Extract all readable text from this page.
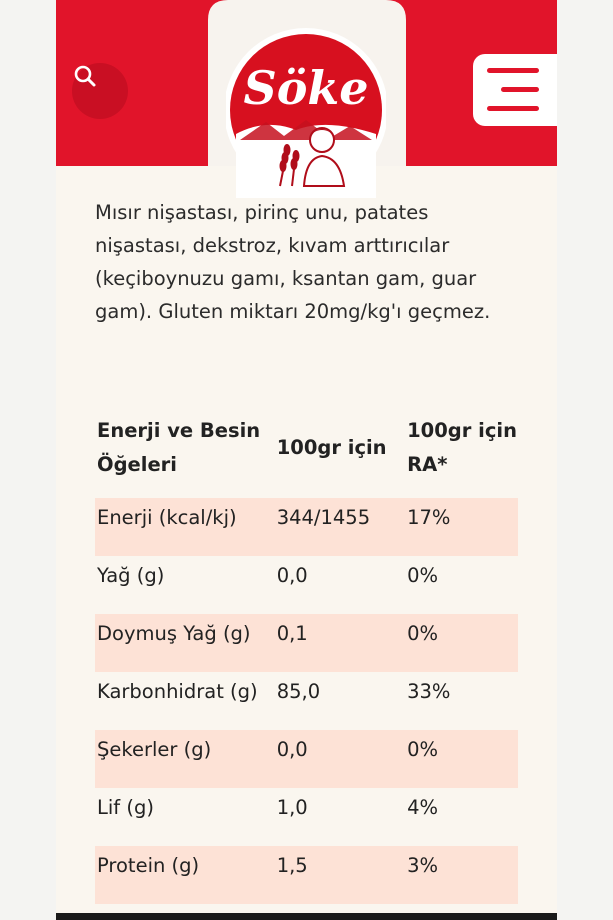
Mısır nişastası, pirinç unu, patates nişastası, dekstroz, kıvam arttırıcılar (keçiboynuzu gamı, ksantan gam, guar gam). Gluten miktarı 20mg/kg'ı geçmez.

Enerji ve Besin Öğeleri	100gr için	100gr için RA*
Enerji (kcal/kj)	344/1455	17%
Yağ (g)	0,0	0%
Doymuş Yağ (g)	0,1	0%
Karbonhidrat (g)	85,0	33%
Şekerler (g)	0,0	0%
Lif (g)	1,0	4%
Protein (g)	1,5	3%
Söke
